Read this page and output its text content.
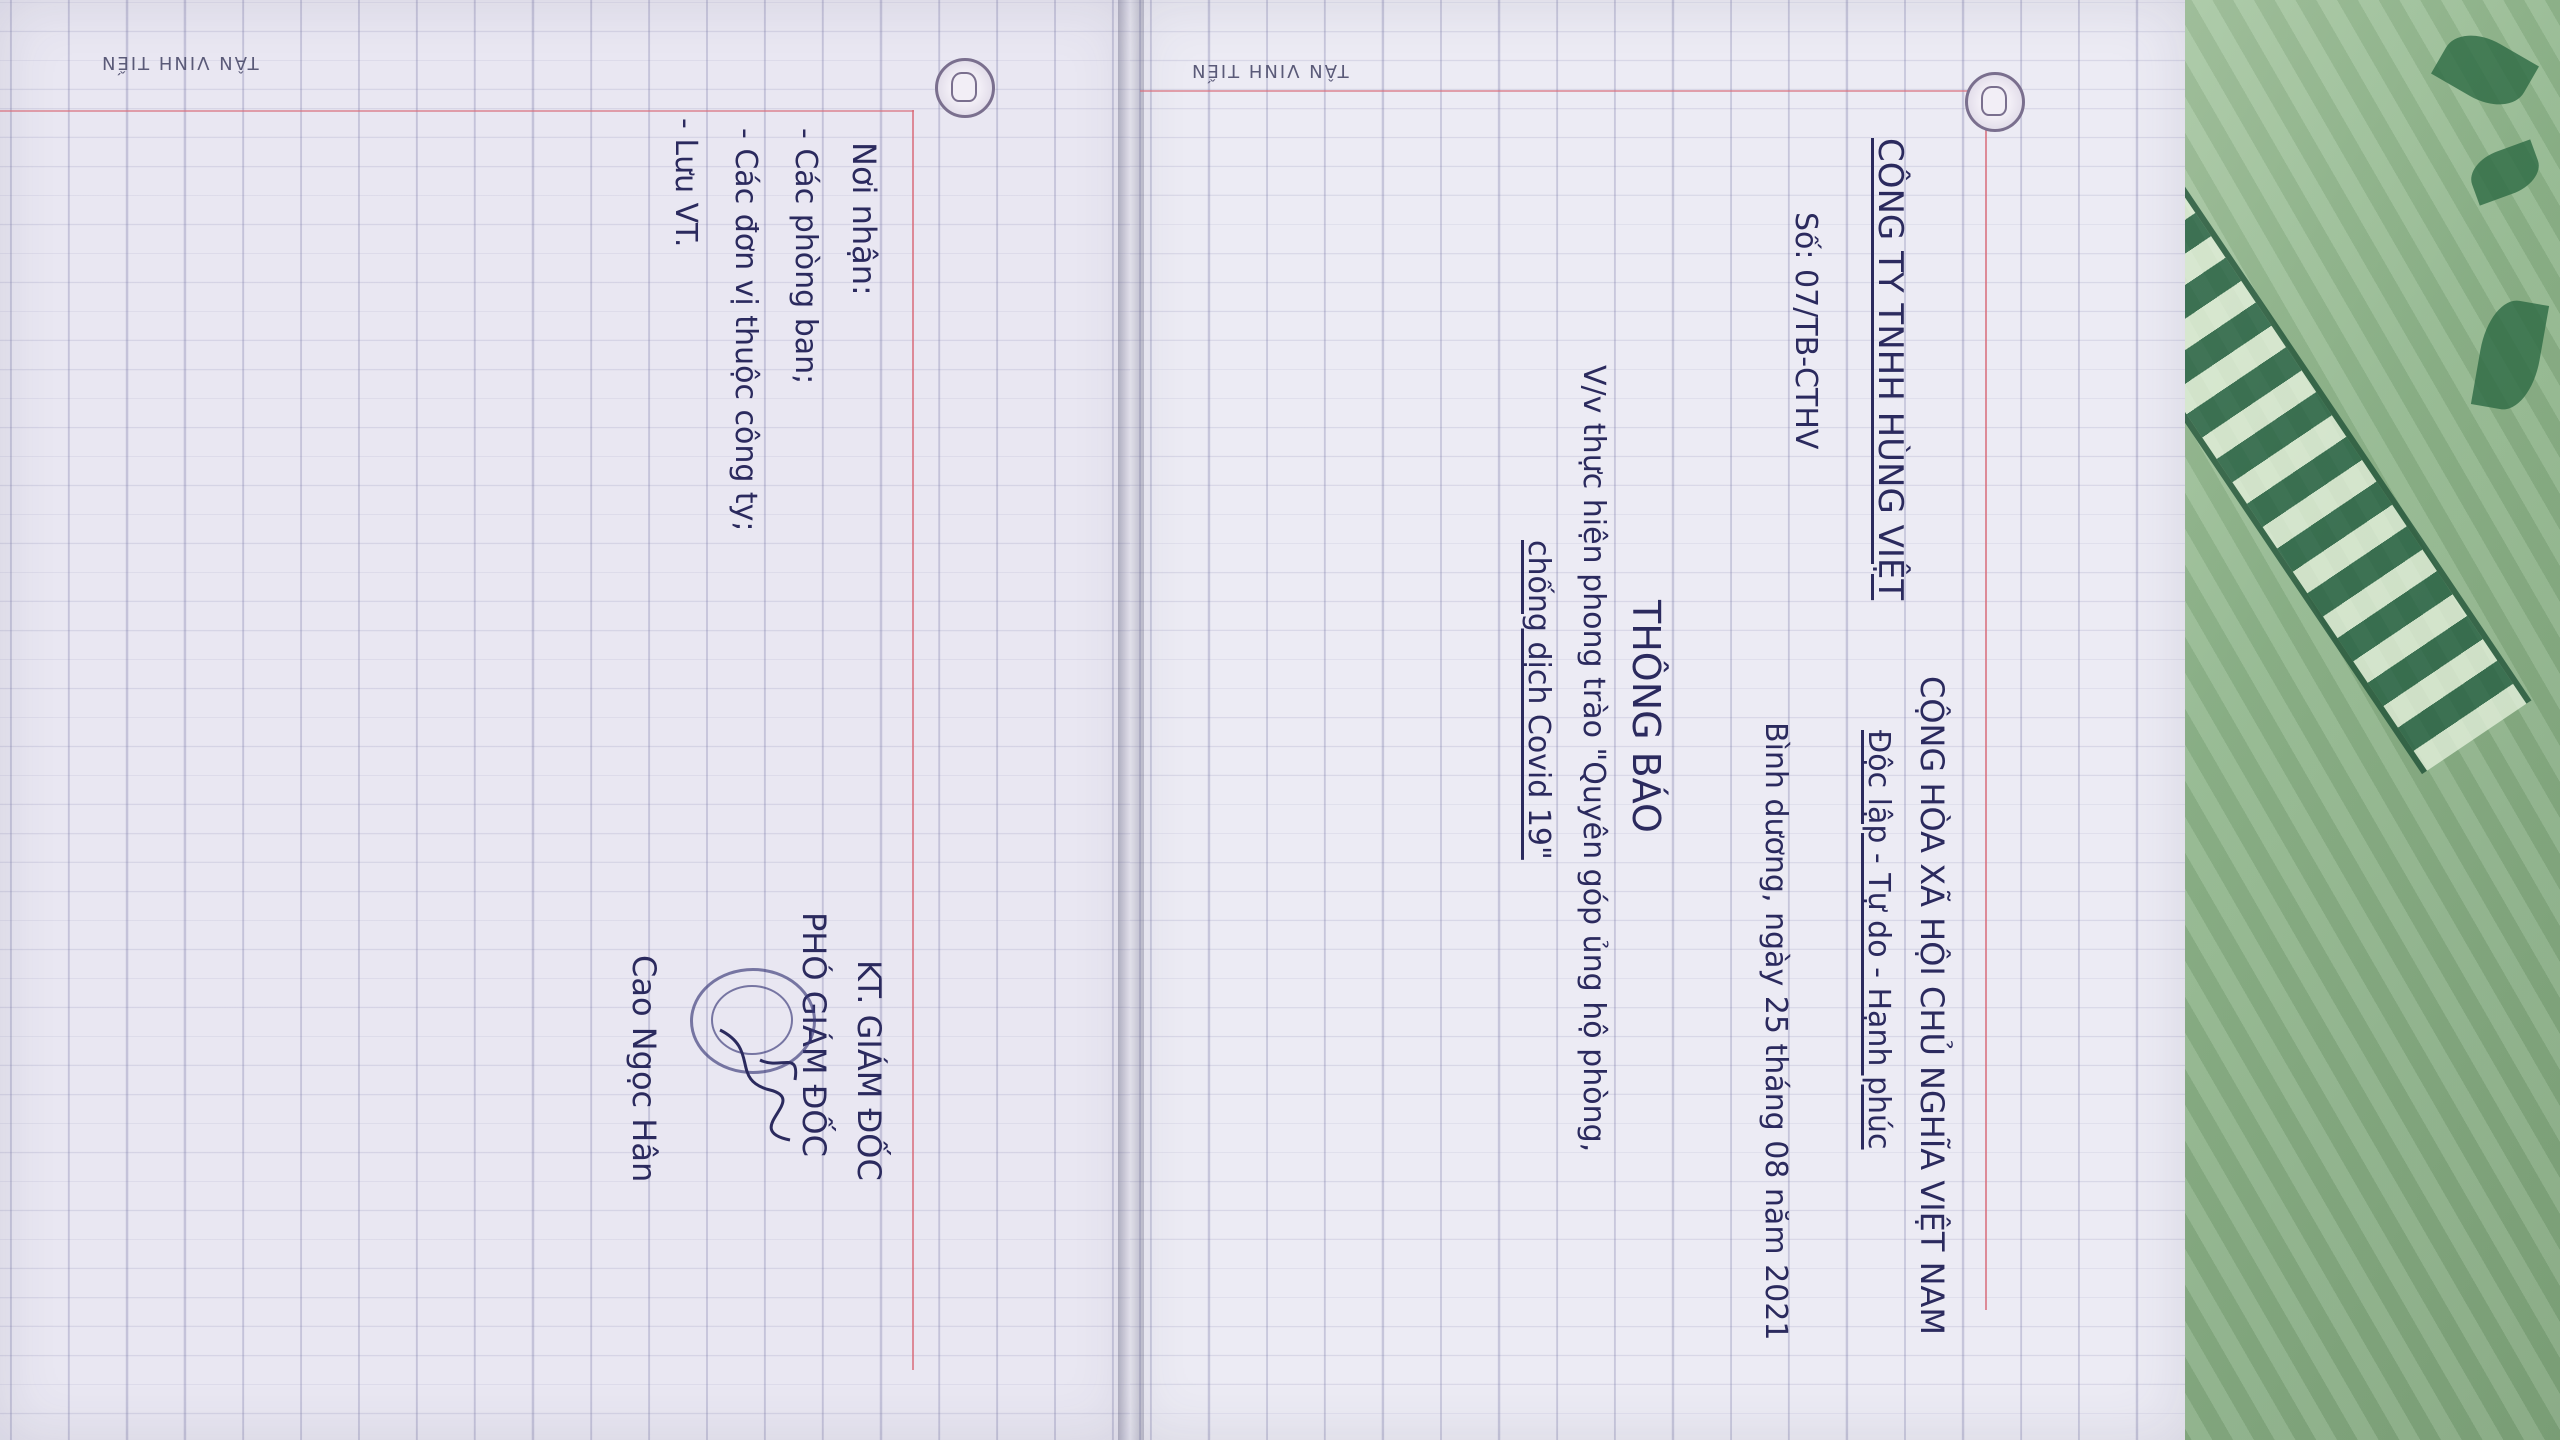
TÂN VINH TIẾN	TÂN VINH TIẾN
CÔNG TY TNHH HÙNG VIỆT
Số: 07/TB-CTHV
CỘNG HÒA XÃ HỘI CHỦ NGHĨA VIỆT NAM
Độc lập - Tự do - Hạnh phúc
Bình dương, ngày 25 tháng 08 năm 2021
THÔNG BÁO
V/v thực hiện phong trào "Quyên góp ủng hộ phòng,
chống dịch Covid 19"
Nơi nhận:
- Các phòng ban;
- Các đơn vị thuộc công ty;
- Lưu VT.
KT. GIÁM ĐỐC
PHÓ GIÁM ĐỐC
Cao Ngọc Hân
